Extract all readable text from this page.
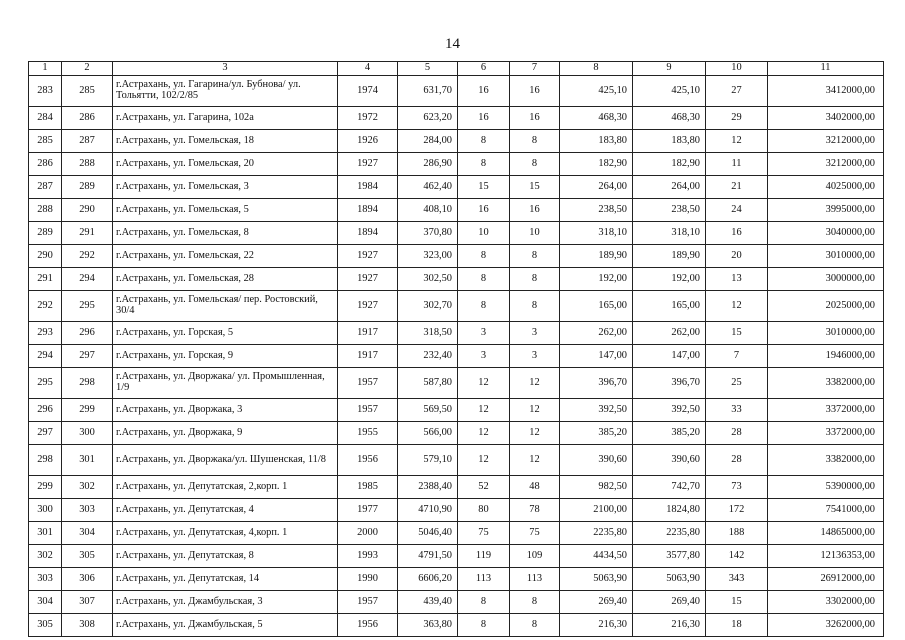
14
1	2	3	4	5	6	7	8	9	10	11
283	285	г.Астрахань, ул. Гагарина/ул. Бубнова/ ул. Тольятти, 102/2/85	1974	631,70	16	16	425,10	425,10	27	3412000,00
284	286	г.Астрахань, ул. Гагарина, 102а	1972	623,20	16	16	468,30	468,30	29	3402000,00
285	287	г.Астрахань, ул. Гомельская, 18	1926	284,00	8	8	183,80	183,80	12	3212000,00
286	288	г.Астрахань, ул. Гомельская, 20	1927	286,90	8	8	182,90	182,90	11	3212000,00
287	289	г.Астрахань, ул. Гомельская, 3	1984	462,40	15	15	264,00	264,00	21	4025000,00
288	290	г.Астрахань, ул. Гомельская, 5	1894	408,10	16	16	238,50	238,50	24	3995000,00
289	291	г.Астрахань, ул. Гомельская, 8	1894	370,80	10	10	318,10	318,10	16	3040000,00
290	292	г.Астрахань, ул. Гомельская, 22	1927	323,00	8	8	189,90	189,90	20	3010000,00
291	294	г.Астрахань, ул. Гомельская, 28	1927	302,50	8	8	192,00	192,00	13	3000000,00
292	295	г.Астрахань, ул. Гомельская/ пер. Ростовский, 30/4	1927	302,70	8	8	165,00	165,00	12	2025000,00
293	296	г.Астрахань, ул. Горская, 5	1917	318,50	3	3	262,00	262,00	15	3010000,00
294	297	г.Астрахань, ул. Горская, 9	1917	232,40	3	3	147,00	147,00	7	1946000,00
295	298	г.Астрахань, ул. Дворжака/ ул. Промышленная, 1/9	1957	587,80	12	12	396,70	396,70	25	3382000,00
296	299	г.Астрахань, ул. Дворжака, 3	1957	569,50	12	12	392,50	392,50	33	3372000,00
297	300	г.Астрахань, ул. Дворжака, 9	1955	566,00	12	12	385,20	385,20	28	3372000,00
298	301	г.Астрахань, ул. Дворжака/ул. Шушенская, 11/8	1956	579,10	12	12	390,60	390,60	28	3382000,00
299	302	г.Астрахань, ул. Депутатская, 2,корп. 1	1985	2388,40	52	48	982,50	742,70	73	5390000,00
300	303	г.Астрахань, ул. Депутатская, 4	1977	4710,90	80	78	2100,00	1824,80	172	7541000,00
301	304	г.Астрахань, ул. Депутатская, 4,корп. 1	2000	5046,40	75	75	2235,80	2235,80	188	14865000,00
302	305	г.Астрахань, ул. Депутатская, 8	1993	4791,50	119	109	4434,50	3577,80	142	12136353,00
303	306	г.Астрахань, ул. Депутатская, 14	1990	6606,20	113	113	5063,90	5063,90	343	26912000,00
304	307	г.Астрахань, ул. Джамбульская, 3	1957	439,40	8	8	269,40	269,40	15	3302000,00
305	308	г.Астрахань, ул. Джамбульская, 5	1956	363,80	8	8	216,30	216,30	18	3262000,00
